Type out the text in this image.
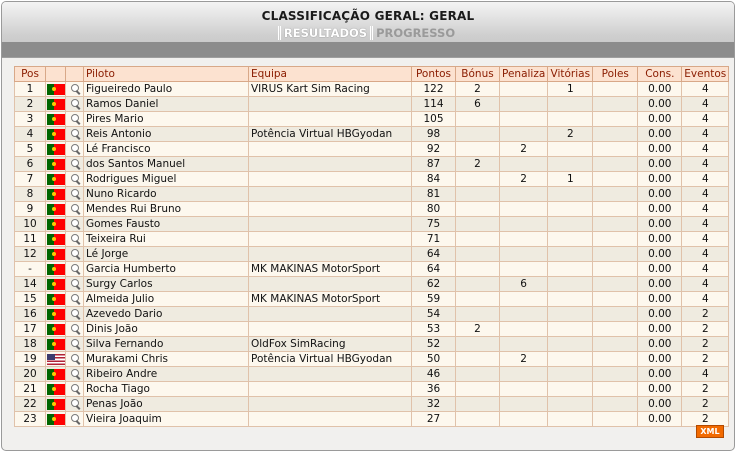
CLASSIFICAÇÃO GERAL: GERAL
RESULTADOS PROGRESSO
Pos			Piloto	Equipa	Pontos	Bónus	Penaliza	Vitórias	Poles	Cons.	Eventos
1			Figueiredo Paulo	VIRUS Kart Sim Racing	122	2		1		0.00	4
2			Ramos Daniel		114	6				0.00	4
3			Pires Mario		105					0.00	4
4			Reis Antonio	Potência Virtual HBGyodan	98			2		0.00	4
5			Lé Francisco		92		2			0.00	4
6			dos Santos Manuel		87	2				0.00	4
7			Rodrigues Miguel		84		2	1		0.00	4
8			Nuno Ricardo		81					0.00	4
9			Mendes Rui Bruno		80					0.00	4
10			Gomes Fausto		75					0.00	4
11			Teixeira Rui		71					0.00	4
12			Lé Jorge		64					0.00	4
-			Garcia Humberto	MK MAKINAS MotorSport	64					0.00	4
14			Surgy Carlos		62		6			0.00	4
15			Almeida Julio	MK MAKINAS MotorSport	59					0.00	4
16			Azevedo Dario		54					0.00	2
17			Dinis João		53	2				0.00	2
18			Silva Fernando	OldFox SimRacing	52					0.00	2
19			Murakami Chris	Potência Virtual HBGyodan	50		2			0.00	2
20			Ribeiro Andre		46					0.00	4
21			Rocha Tiago		36					0.00	2
22			Penas João		32					0.00	2
23			Vieira Joaquim		27					0.00	2
XML
